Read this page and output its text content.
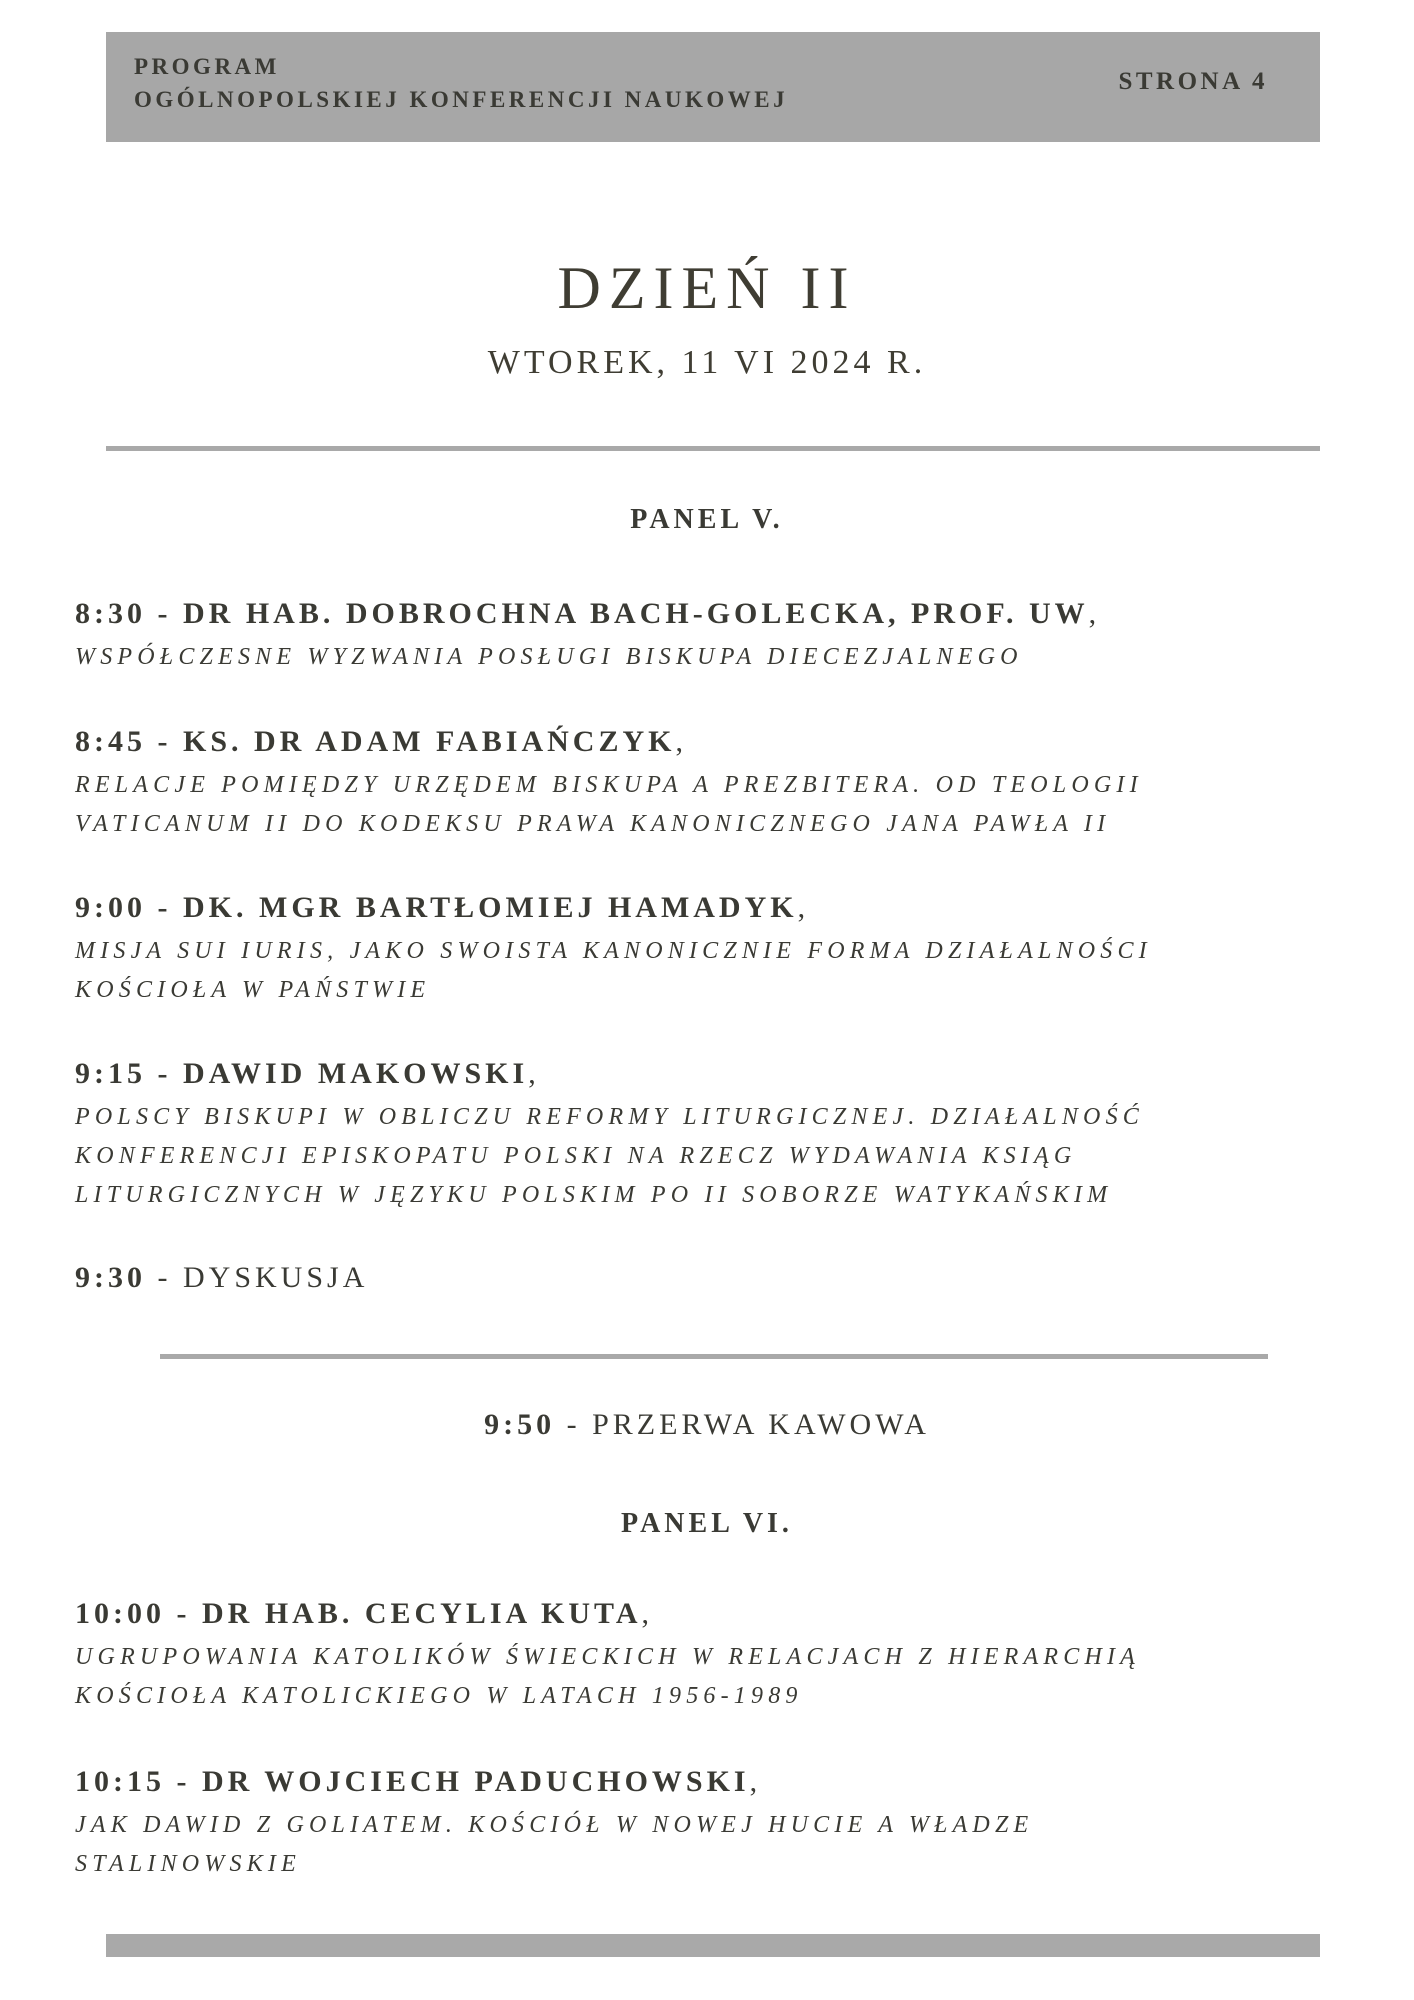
PROGRAM
OGÓLNOPOLSKIEJ KONFERENCJI NAUKOWEJ
STRONA 4
DZIEŃ II
WTOREK, 11 VI 2024 R.
PANEL V.
8:30 - DR HAB. DOBROCHNA BACH-GOLECKA, PROF. UW,
WSPÓŁCZESNE WYZWANIA POSŁUGI BISKUPA DIECEZJALNEGO
8:45 - KS. DR ADAM FABIAŃCZYK,
RELACJE POMIĘDZY URZĘDEM BISKUPA A PREZBITERA. OD TEOLOGII
VATICANUM II DO KODEKSU PRAWA KANONICZNEGO JANA PAWŁA II
9:00 - DK. MGR BARTŁOMIEJ HAMADYK,
MISJA SUI IURIS, JAKO SWOISTA KANONICZNIE FORMA DZIAŁALNOŚCI
KOŚCIOŁA W PAŃSTWIE
9:15 - DAWID MAKOWSKI,
POLSCY BISKUPI W OBLICZU REFORMY LITURGICZNEJ. DZIAŁALNOŚĆ
KONFERENCJI EPISKOPATU POLSKI NA RZECZ WYDAWANIA KSIĄG
LITURGICZNYCH W JĘZYKU POLSKIM PO II SOBORZE WATYKAŃSKIM
9:30 - DYSKUSJA
9:50 - PRZERWA KAWOWA
PANEL VI.
10:00 - DR HAB. CECYLIA KUTA,
UGRUPOWANIA KATOLIKÓW ŚWIECKICH W RELACJACH Z HIERARCHIĄ
KOŚCIOŁA KATOLICKIEGO W LATACH 1956-1989
10:15 - DR WOJCIECH PADUCHOWSKI,
JAK DAWID Z GOLIATEM. KOŚCIÓŁ W NOWEJ HUCIE A WŁADZE
STALINOWSKIE
